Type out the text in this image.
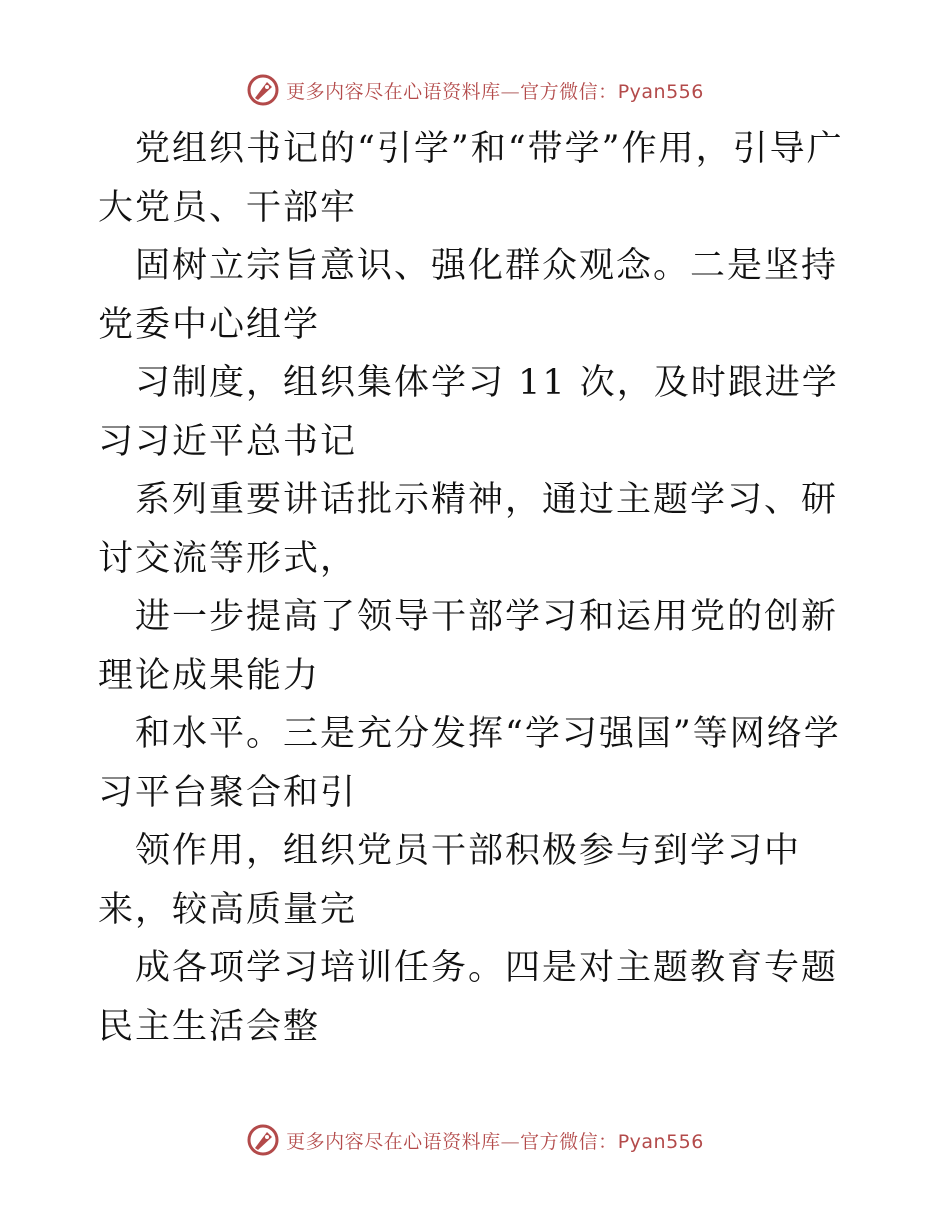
更多内容尽在心语资料库—官方微信：Pyan556

党组织书记的“引学”和“带学”作用，引导广大党员、干部牢

固树立宗旨意识、强化群众观念。二是坚持党委中心组学

习制度，组织集体学习 11 次，及时跟进学习习近平总书记

系列重要讲话批示精神，通过主题学习、研讨交流等形式，

进一步提高了领导干部学习和运用党的创新理论成果能力

和水平。三是充分发挥“学习强国”等网络学习平台聚合和引

领作用，组织党员干部积极参与到学习中来，较高质量完

成各项学习培训任务。四是对主题教育专题民主生活会整

更多内容尽在心语资料库—官方微信：Pyan556
